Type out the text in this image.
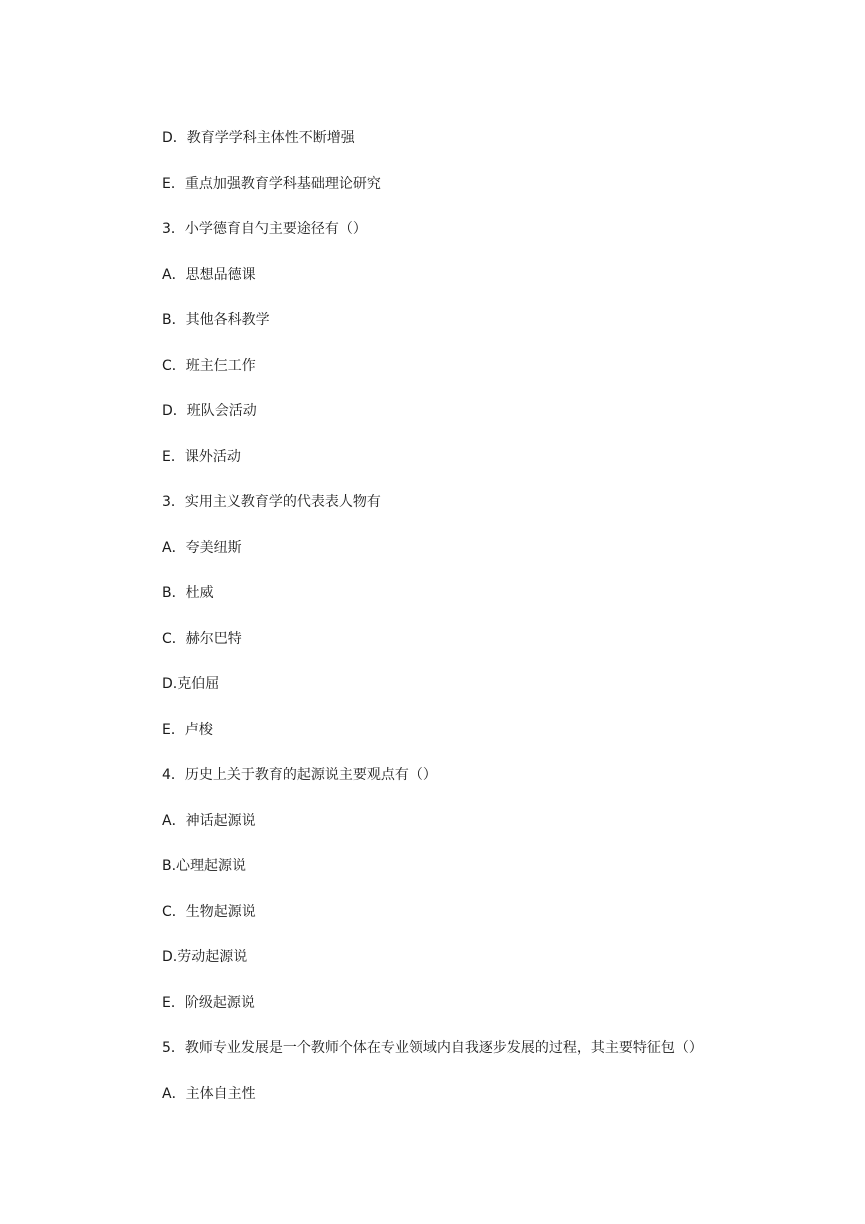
D．教育学学科主体性不断增强
E．重点加强教育学科基础理论研究
3．小学德育自勺主要途径有（）
A．思想品德课
B．其他各科教学
C．班主仨工作
D．班队会活动
E．课外活动
3．实用主义教育学的代表表人物有
A．夸美纽斯
B．杜威
C．赫尔巴特
D.克伯屈
E．卢梭
4．历史上关于教育的起源说主要观点有（）
A．神话起源说
B.心理起源说
C．生物起源说
D.劳动起源说
E．阶级起源说
5．教师专业发展是一个教师个体在专业领域内自我逐步发展的过程，其主要特征包（）
A．主体自主性
